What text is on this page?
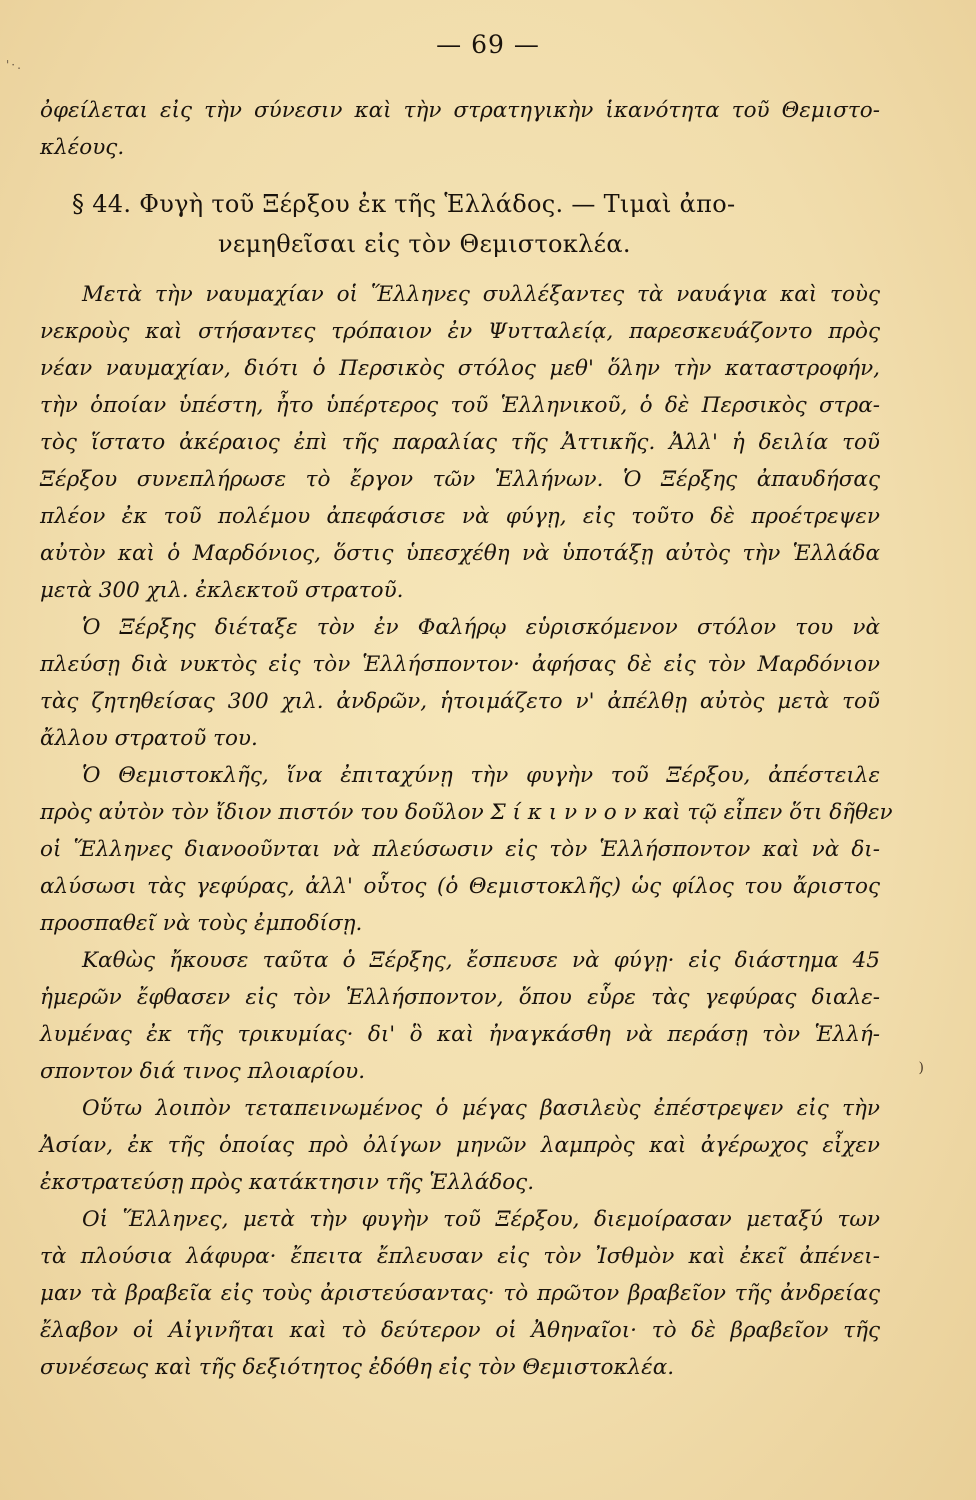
'·.
— 69 —
ὀφείλεται εἰς τὴν σύνεσιν καὶ τὴν στρατηγικὴν ἱκανότητα τοῦ Θεμιστο-
κλέους.
§ 44. Φυγὴ τοῦ Ξέρξου ἐκ τῆς Ἑλλάδος. — Τιμαὶ ἀπο-
νεμηθεῖσαι εἰς τὸν Θεμιστοκλέα.
Μετὰ τὴν ναυμαχίαν οἱ Ἕλληνες συλλέξαντες τὰ ναυάγια καὶ τοὺς
νεκροὺς καὶ στήσαντες τρόπαιον ἐν Ψυτταλείᾳ, παρεσκευάζοντο πρὸς
νέαν ναυμαχίαν, διότι ὁ Περσικὸς στόλος μεθ' ὅλην τὴν καταστροφήν,
τὴν ὁποίαν ὑπέστη, ἦτο ὑπέρτερος τοῦ Ἑλληνικοῦ, ὁ δὲ Περσικὸς στρα-
τὸς ἵστατο ἀκέραιος ἐπὶ τῆς παραλίας τῆς Ἀττικῆς. Ἀλλ' ἡ δειλία τοῦ
Ξέρξου συνεπλήρωσε τὸ ἔργον τῶν Ἑλλήνων. Ὁ Ξέρξης ἀπαυδήσας
πλέον ἐκ τοῦ πολέμου ἀπεφάσισε νὰ φύγῃ, εἰς τοῦτο δὲ προέτρεψεν
αὐτὸν καὶ ὁ Μαρδόνιος, ὅστις ὑπεσχέθη νὰ ὑποτάξῃ αὐτὸς τὴν Ἑλλάδα
μετὰ 300 χιλ. ἐκλεκτοῦ στρατοῦ.
Ὁ Ξέρξης διέταξε τὸν ἐν Φαλήρῳ εὑρισκόμενον στόλον του νὰ
πλεύσῃ διὰ νυκτὸς εἰς τὸν Ἑλλήσποντον· ἀφήσας δὲ εἰς τὸν Μαρδόνιον
τὰς ζητηθείσας 300 χιλ. ἀνδρῶν, ἡτοιμάζετο ν' ἀπέλθῃ αὐτὸς μετὰ τοῦ
ἄλλου στρατοῦ του.
Ὁ Θεμιστοκλῆς, ἵνα ἐπιταχύνῃ τὴν φυγὴν τοῦ Ξέρξου, ἀπέστειλε
πρὸς αὐτὸν τὸν ἴδιον πιστόν του δοῦλον Σ ί κ ι ν ν ο ν καὶ τῷ εἶπεν ὅτι δῆθεν
οἱ Ἕλληνες διανοοῦνται νὰ πλεύσωσιν εἰς τὸν Ἑλλήσποντον καὶ νὰ δι-
αλύσωσι τὰς γεφύρας, ἀλλ' οὗτος (ὁ Θεμιστοκλῆς) ὡς φίλος του ἄριστος
προσπαθεῖ νὰ τοὺς ἐμποδίσῃ.
Καθὼς ἤκουσε ταῦτα ὁ Ξέρξης, ἔσπευσε νὰ φύγῃ· εἰς διάστημα 45
ἡμερῶν ἔφθασεν εἰς τὸν Ἑλλήσποντον, ὅπου εὗρε τὰς γεφύρας διαλε-
λυμένας ἐκ τῆς τρικυμίας· δι' ὃ καὶ ἠναγκάσθη νὰ περάσῃ τὸν Ἑλλή-
σποντον διά τινος πλοιαρίου.
Οὕτω λοιπὸν τεταπεινωμένος ὁ μέγας βασιλεὺς ἐπέστρεψεν εἰς τὴν
Ἀσίαν, ἐκ τῆς ὁποίας πρὸ ὀλίγων μηνῶν λαμπρὸς καὶ ἀγέρωχος εἶχεν
ἐκστρατεύσῃ πρὸς κατάκτησιν τῆς Ἑλλάδος.
Οἱ Ἕλληνες, μετὰ τὴν φυγὴν τοῦ Ξέρξου, διεμοίρασαν μεταξύ των
τὰ πλούσια λάφυρα· ἔπειτα ἔπλευσαν εἰς τὸν Ἰσθμὸν καὶ ἐκεῖ ἀπένει-
μαν τὰ βραβεῖα εἰς τοὺς ἀριστεύσαντας· τὸ πρῶτον βραβεῖον τῆς ἀνδρείας
ἔλαβον οἱ Αἰγινῆται καὶ τὸ δεύτερον οἱ Ἀθηναῖοι· τὸ δὲ βραβεῖον τῆς
συνέσεως καὶ τῆς δεξιότητος ἐδόθη εἰς τὸν Θεμιστοκλέα.
)
